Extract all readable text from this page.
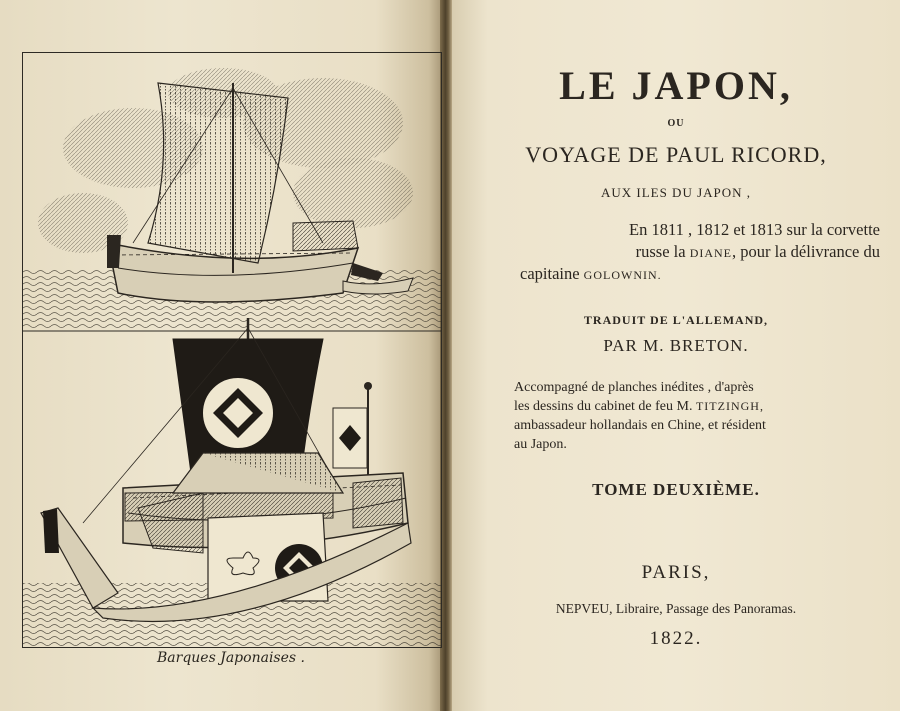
Barques Japonaises .
LE JAPON,
OU
VOYAGE DE PAUL RICORD,
AUX ILES DU JAPON ,
En 1811 , 1812 et 1813 sur la corvette
russe la DIANE, pour la délivrance du
capitaine GOLOWNIN.
TRADUIT DE L'ALLEMAND,
PAR M. BRETON.
Accompagné de planches inédites , d'après
les dessins du cabinet de feu M. TITZINGH,
ambassadeur hollandais en Chine, et résident
au Japon.
TOME DEUXIÈME.
PARIS,
NEPVEU, Libraire, Passage des Panoramas.
1822.
